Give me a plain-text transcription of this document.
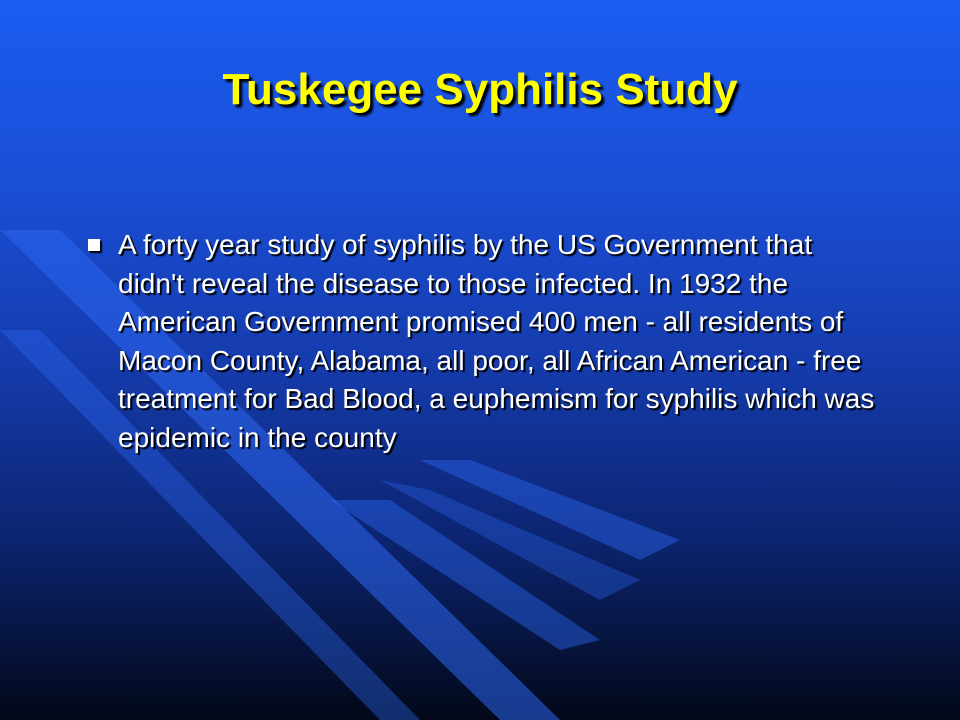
Tuskegee Syphilis Study
A forty year study of syphilis by the US Government that didn't reveal the disease to those infected. In 1932 the American Government promised 400 men - all residents of Macon County, Alabama, all poor, all African American - free treatment for Bad Blood, a euphemism for syphilis which was epidemic in the county
